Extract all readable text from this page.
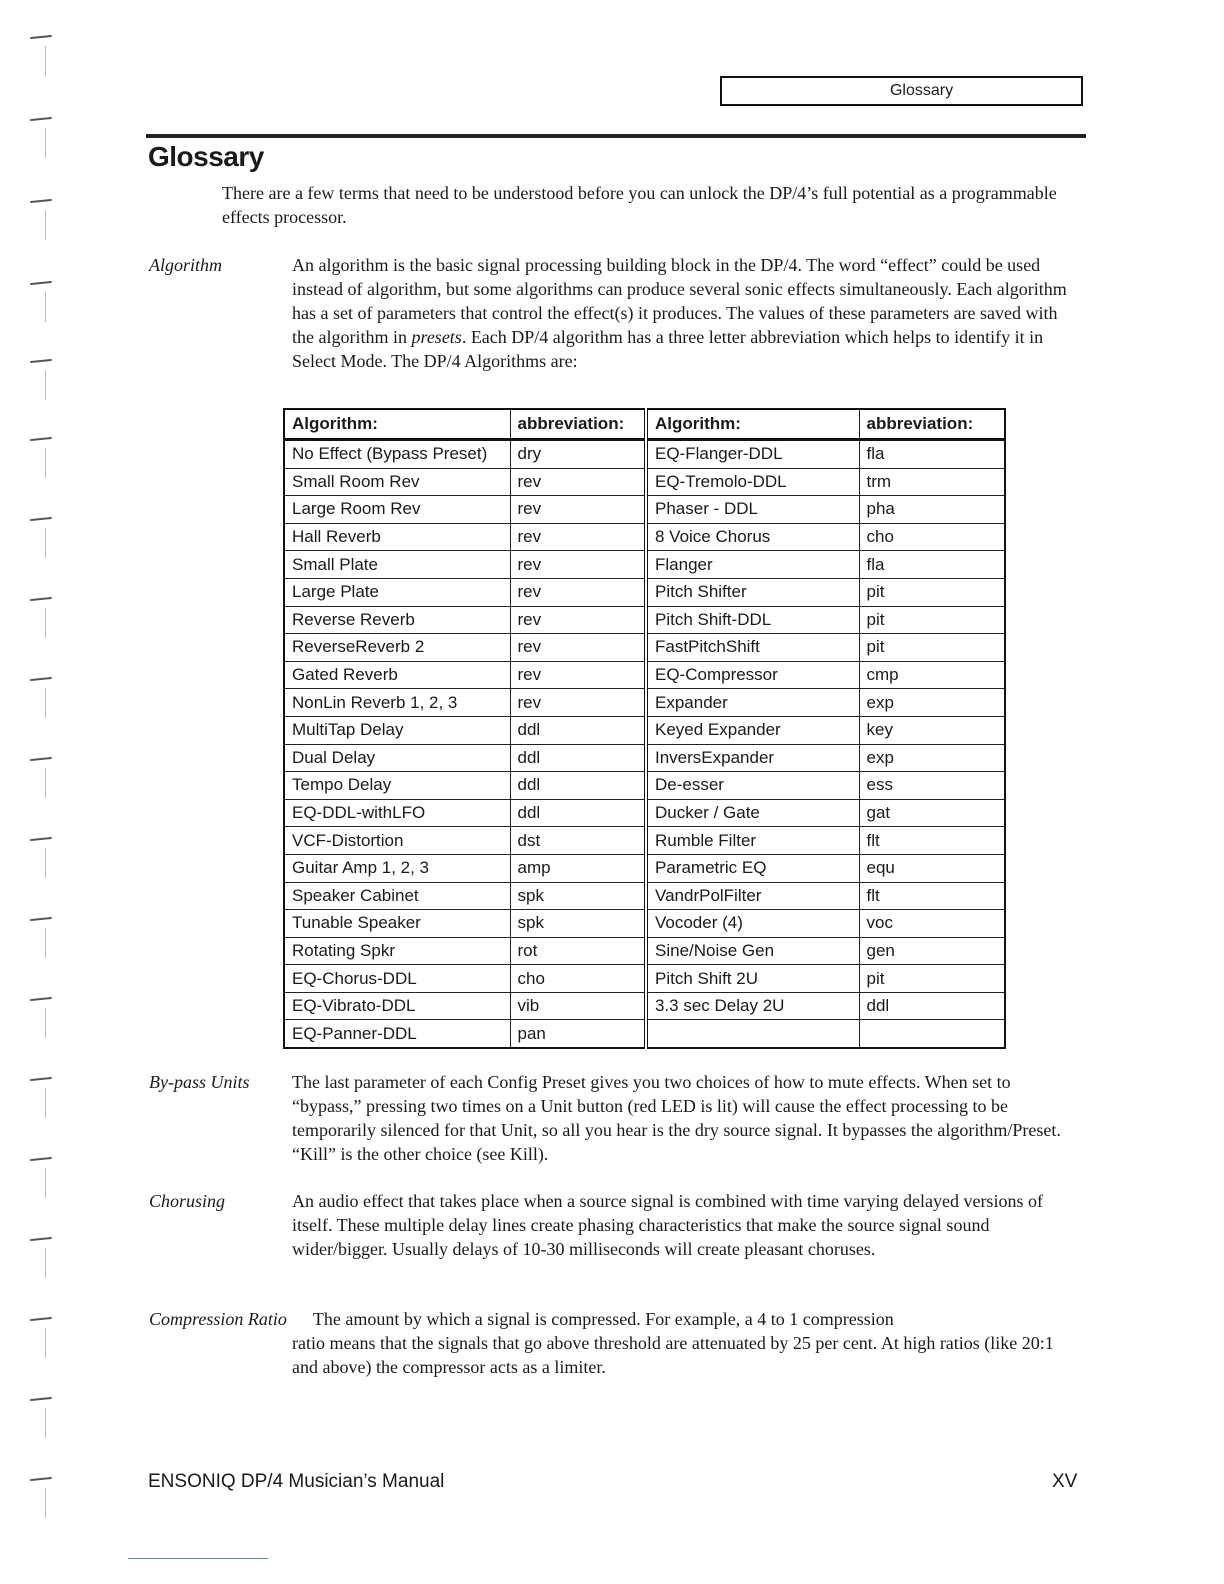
Glossary
Glossary
There are a few terms that need to be understood before you can unlock the DP/4’s full potential as a programmable effects processor.
Algorithm	An algorithm is the basic signal processing building block in the DP/4. The word “effect” could be used instead of algorithm, but some algorithms can produce several sonic effects simultaneously. Each algorithm has a set of parameters that control the effect(s) it produces. The values of these parameters are saved with the algorithm in presets. Each DP/4 algorithm has a three letter abbreviation which helps to identify it in Select Mode. The DP/4 Algorithms are:
Algorithm:	abbreviation:	Algorithm:	abbreviation:
No Effect (Bypass Preset)	dry	EQ-Flanger-DDL	fla
Small Room Rev	rev	EQ-Tremolo-DDL	trm
Large Room Rev	rev	Phaser - DDL	pha
Hall Reverb	rev	8 Voice Chorus	cho
Small Plate	rev	Flanger	fla
Large Plate	rev	Pitch Shifter	pit
Reverse Reverb	rev	Pitch Shift-DDL	pit
ReverseReverb 2	rev	FastPitchShift	pit
Gated Reverb	rev	EQ-Compressor	cmp
NonLin Reverb 1, 2, 3	rev	Expander	exp
MultiTap Delay	ddl	Keyed Expander	key
Dual Delay	ddl	InversExpander	exp
Tempo Delay	ddl	De-esser	ess
EQ-DDL-withLFO	ddl	Ducker / Gate	gat
VCF-Distortion	dst	Rumble Filter	flt
Guitar Amp 1, 2, 3	amp	Parametric EQ	equ
Speaker Cabinet	spk	VandrPolFilter	flt
Tunable Speaker	spk	Vocoder (4)	voc
Rotating Spkr	rot	Sine/Noise Gen	gen
EQ-Chorus-DDL	cho	Pitch Shift 2U	pit
EQ-Vibrato-DDL	vib	3.3 sec Delay 2U	ddl
EQ-Panner-DDL	pan		
By-pass Units The last parameter of each Config Preset gives you two choices of how to mute effects. When set to “bypass,” pressing two times on a Unit button (red LED is lit) will cause the effect processing to be temporarily silenced for that Unit, so all you hear is the dry source signal. It bypasses the algorithm/Preset. “Kill” is the other choice (see Kill).
Chorusing	An audio effect that takes place when a source signal is combined with time varying delayed versions of itself. These multiple delay lines create phasing characteristics that make the source signal sound wider/bigger. Usually delays of 10-30 milliseconds will create pleasant choruses.
Compression Ratio The amount by which a signal is compressed. For example, a 4 to 1 compression
ratio means that the signals that go above threshold are attenuated by 25 per cent. At high ratios (like 20:1 and above) the compressor acts as a limiter.
ENSONIQ DP/4 Musician’s Manual	XV
